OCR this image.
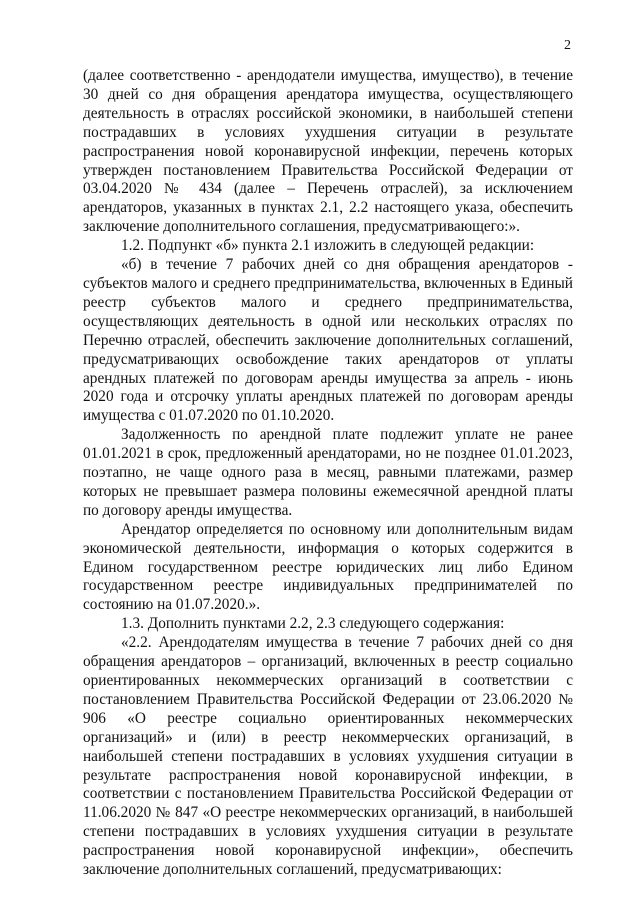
2

(далее соответственно - арендодатели имущества, имущество), в течение 30 дней со дня обращения арендатора имущества, осуществляющего деятельность в отраслях российской экономики, в наибольшей степени пострадавших в условиях ухудшения ситуации в результате распространения новой коронавирусной инфекции, перечень которых утвержден постановлением Правительства Российской Федерации от 03.04.2020 № 434 (далее – Перечень отраслей), за исключением арендаторов, указанных в пунктах 2.1, 2.2 настоящего указа, обеспечить заключение дополнительного соглашения, предусматривающего:».

1.2. Подпункт «б» пункта 2.1 изложить в следующей редакции:

«б) в течение 7 рабочих дней со дня обращения арендаторов - субъектов малого и среднего предпринимательства, включенных в Единый реестр субъектов малого и среднего предпринимательства, осуществляющих деятельность в одной или нескольких отраслях по Перечню отраслей, обеспечить заключение дополнительных соглашений, предусматривающих освобождение таких арендаторов от уплаты арендных платежей по договорам аренды имущества за апрель - июнь 2020 года и отсрочку уплаты арендных платежей по договорам аренды имущества с 01.07.2020 по 01.10.2020.

Задолженность по арендной плате подлежит уплате не ранее 01.01.2021 в срок, предложенный арендаторами, но не позднее 01.01.2023, поэтапно, не чаще одного раза в месяц, равными платежами, размер которых не превышает размера половины ежемесячной арендной платы по договору аренды имущества.

Арендатор определяется по основному или дополнительным видам экономической деятельности, информация о которых содержится в Едином государственном реестре юридических лиц либо Едином государственном реестре индивидуальных предпринимателей по состоянию на 01.07.2020.».

1.3. Дополнить пунктами 2.2, 2.3 следующего содержания:

«2.2. Арендодателям имущества в течение 7 рабочих дней со дня обращения арендаторов – организаций, включенных в реестр социально ориентированных некоммерческих организаций в соответствии с постановлением Правительства Российской Федерации от 23.06.2020 № 906 «О реестре социально ориентированных некоммерческих организаций» и (или) в реестр некоммерческих организаций, в наибольшей степени пострадавших в условиях ухудшения ситуации в результате распространения новой коронавирусной инфекции, в соответствии с постановлением Правительства Российской Федерации от 11.06.2020 № 847 «О реестре некоммерческих организаций, в наибольшей степени пострадавших в условиях ухудшения ситуации в результате распространения новой коронавирусной инфекции», обеспечить заключение дополнительных соглашений, предусматривающих:
